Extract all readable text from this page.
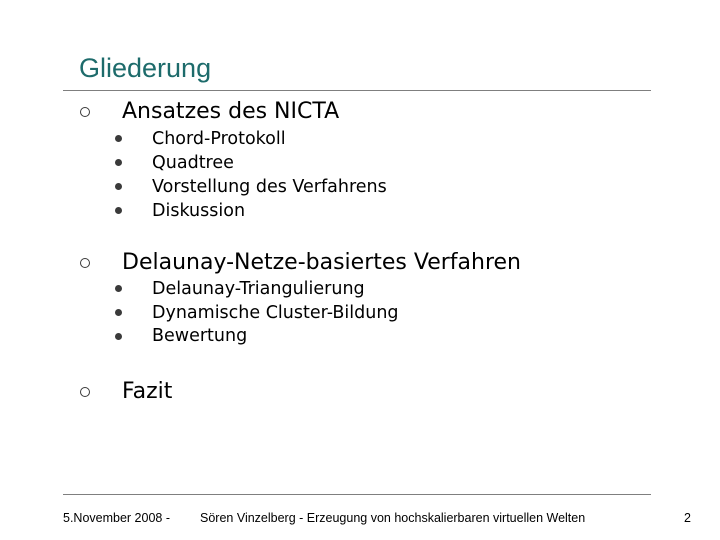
Gliederung
Ansatzes des NICTA
Chord-Protokoll
Quadtree
Vorstellung des Verfahrens
Diskussion
Delaunay-Netze-basiertes Verfahren
Delaunay-Triangulierung
Dynamische Cluster-Bildung
Bewertung
Fazit
5.November 2008 - Sören Vinzelberg - Erzeugung von hochskalierbaren virtuellen Welten	2
